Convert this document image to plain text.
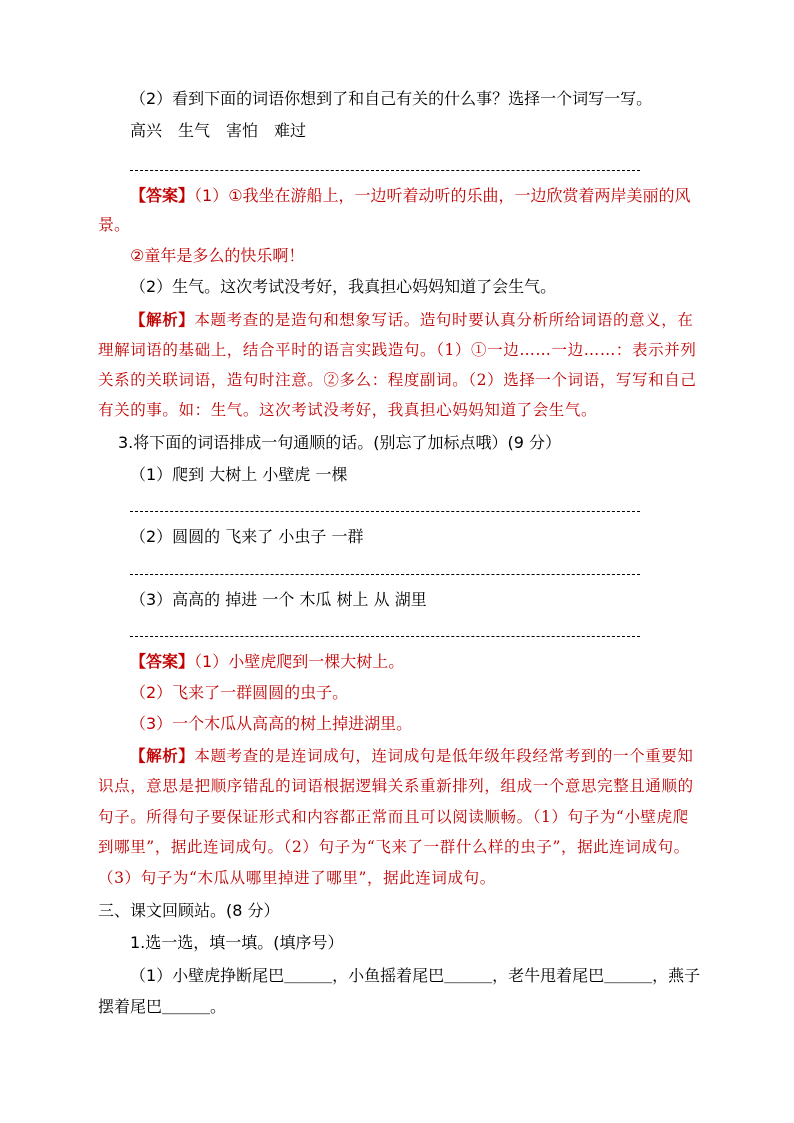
（2）看到下面的词语你想到了和自己有关的什么事？选择一个词写一写。
高兴　生气　害怕　难过
【答案】（1）①我坐在游船上，一边听着动听的乐曲，一边欣赏着两岸美丽的风
景。
②童年是多么的快乐啊！
（2）生气。这次考试没考好，我真担心妈妈知道了会生气。
【解析】本题考查的是造句和想象写话。造句时要认真分析所给词语的意义，在
理解词语的基础上，结合平时的语言实践造句。（1）①一边……一边……：表示并列
关系的关联词语，造句时注意。②多么：程度副词。（2）选择一个词语，写写和自己
有关的事。如：生气。这次考试没考好，我真担心妈妈知道了会生气。
3.将下面的词语排成一句通顺的话。(别忘了加标点哦）(9 分）
（1）爬到 大树上 小壁虎 一棵
（2）圆圆的 飞来了 小虫子 一群
（3）高高的 掉进 一个 木瓜 树上 从 湖里
【答案】（1）小壁虎爬到一棵大树上。
（2）飞来了一群圆圆的虫子。
（3）一个木瓜从高高的树上掉进湖里。
【解析】本题考查的是连词成句，连词成句是低年级年段经常考到的一个重要知
识点，意思是把顺序错乱的词语根据逻辑关系重新排列，组成一个意思完整且通顺的
句子。所得句子要保证形式和内容都正常而且可以阅读顺畅。（1）句子为“小壁虎爬
到哪里”，据此连词成句。（2）句子为“飞来了一群什么样的虫子”，据此连词成句。
（3）句子为“木瓜从哪里掉进了哪里”，据此连词成句。
三、课文回顾站。(8 分）
1.选一选，填一填。(填序号）
（1）小壁虎挣断尾巴＿＿＿，小鱼摇着尾巴＿＿＿，老牛甩着尾巴＿＿＿，燕子
摆着尾巴＿＿＿。
